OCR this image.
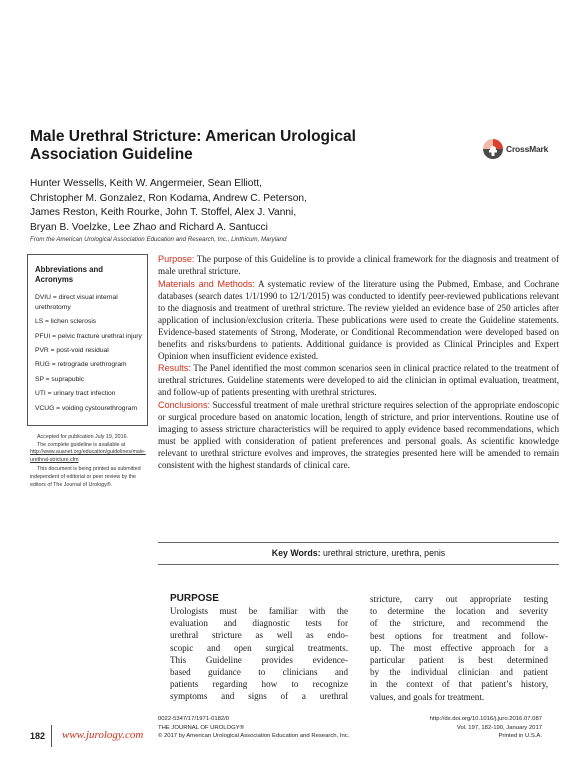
Male Urethral Stricture: American Urological Association Guideline	CrossMark
Hunter Wessells, Keith W. Angermeier, Sean Elliott,
Christopher M. Gonzalez, Ron Kodama, Andrew C. Peterson,
James Reston, Keith Rourke, John T. Stoffel, Alex J. Vanni,
Bryan B. Voelzke, Lee Zhao and Richard A. Santucci
From the American Urological Association Education and Research, Inc., Linthicum, Maryland
Abbreviations and Acronyms
DVIU = direct visual internal urethrotomy
LS = lichen sclerosis
PFUI = pelvic fracture urethral injury
PVR = post-void residual
RUG = retrograde urethrogram
SP = suprapubic
UTI = urinary tract infection
VCUG = voiding cystourethrogram

Accepted for publication July 19, 2016.

The complete guideline is available at http://www.auanet.org/education/guidelines/male-urethral-stricture.cfm

This document is being printed as submitted independent of editorial or peer review by the editors of The Journal of Urology®.

Purpose: The purpose of this Guideline is to provide a clinical framework for the diagnosis and treatment of male urethral stricture.

Materials and Methods: A systematic review of the literature using the Pubmed, Embase, and Cochrane databases (search dates 1/1/1990 to 12/1/2015) was conducted to identify peer-reviewed publications relevant to the diagnosis and treatment of urethral stricture. The review yielded an evidence base of 250 articles after application of inclusion/exclusion criteria. These publications were used to create the Guideline statements. Evidence-based statements of Strong, Moderate, or Conditional Recommendation were developed based on benefits and risks/burdens to patients. Additional guidance is provided as Clinical Principles and Expert Opinion when insufficient evidence existed.

Results: The Panel identified the most common scenarios seen in clinical practice related to the treatment of urethral strictures. Guideline statements were developed to aid the clinician in optimal evaluation, treatment, and follow-up of patients presenting with urethral strictures.

Conclusions: Successful treatment of male urethral stricture requires selection of the appropriate endoscopic or surgical procedure based on anatomic location, length of stricture, and prior interventions. Routine use of imaging to assess stricture characteristics will be required to apply evidence based recommendations, which must be applied with consideration of patient preferences and personal goals. As scientific knowledge relevant to urethral stricture evolves and improves, the strategies presented here will be amended to remain consistent with the highest standards of clinical care.

Key Words: urethral stricture, urethra, penis
PURPOSE
Urologists must be familiar with the
evaluation and diagnostic tests for
urethral stricture as well as endo-
scopic and open surgical treatments.
This Guideline provides evidence-
based guidance to clinicians and
patients regarding how to recognize
symptoms and signs of a urethral
stricture, carry out appropriate testing
to determine the location and severity
of the stricture, and recommend the
best options for treatment and follow-
up. The most effective approach for a
particular patient is best determined
by the individual clinician and patient
in the context of that patient’s history,
values, and goals for treatment.
182 www.jurology.com
0022-5347/17/1971-0182/0
THE JOURNAL OF UROLOGY®
© 2017 by American Urological Association Education and Research, Inc.
http://dx.doi.org/10.1016/j.juro.2016.07.087
Vol. 197, 182-190, January 2017
Printed in U.S.A.
